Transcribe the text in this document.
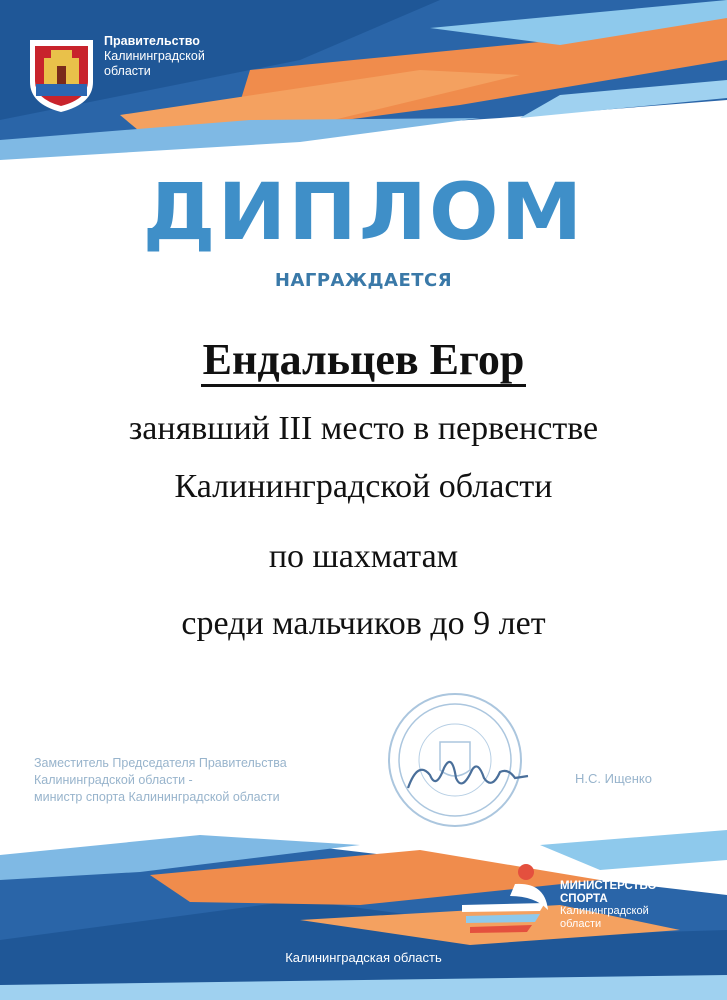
Правительство
Калининградской
области
ДИПЛОМ
НАГРАЖДАЕТСЯ
Ендальцев Егор
занявший III место в первенстве
Калининградской области
по шахматам
среди мальчиков до 9 лет
Заместитель Председателя Правительства
Калининградской области -
министр спорта Калининградской области
Н.С. Ищенко
МИНИСТЕРСТВО
СПОРТА
Калининградской
области
Калининградская область
